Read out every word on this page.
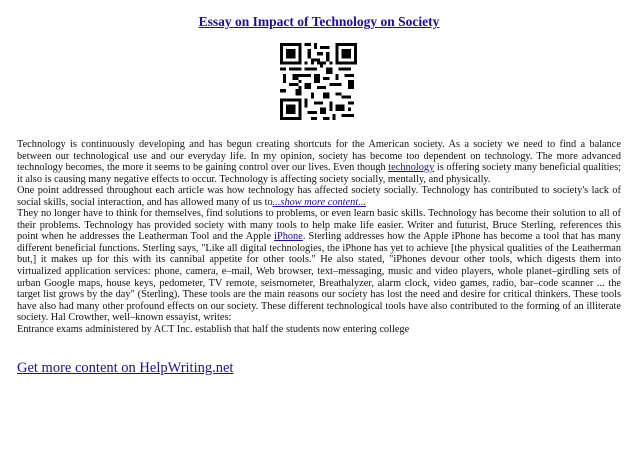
Essay on Impact of Technology on Society

Technology is continuously developing and has begun creating shortcuts for the American society. As a society we need to find a balance between our technological use and our everyday life. In my opinion, society has become too dependent on technology. The more advanced technology becomes, the more it seems to be gaining control over our lives. Even though technology is offering society many beneficial qualities; it also is causing many negative effects to occur. Technology is affecting society socially, mentally, and physically.

One point addressed throughout each article was how technology has affected society socially. Technology has contributed to society's lack of social skills, social interaction, and has allowed many of us to...show more content...

They no longer have to think for themselves, find solutions to problems, or even learn basic skills. Technology has become their solution to all of their problems. Technology has provided society with many tools to help make life easier. Writer and futurist, Bruce Sterling, references this point when he addresses the Leatherman Tool and the Apple iPhone. Sterling addresses how the Apple iPhone has become a tool that has many different beneficial functions. Sterling says, "Like all digital technologies, the iPhone has yet to achieve [the physical qualities of the Leatherman but,] it makes up for this with its cannibal appetite for other tools." He also stated, "iPhones devour other tools, which digests them into virtualized application services: phone, camera, e–mail, Web browser, text–messaging, music and video players, whole planet–girdling sets of urban Google maps, house keys, pedometer, TV remote, seismometer, Breathalyzer, alarm clock, video games, radio, bar–code scanner ... the target list grows by the day" (Sterling). These tools are the main reasons our society has lost the need and desire for critical thinkers. These tools have also had many other profound effects on our society. These different technological tools have also contributed to the forming of an illiterate society. Hal Crowther, well–known essayist, writes:

Entrance exams administered by ACT Inc. establish that half the students now entering college

Get more content on HelpWriting.net
